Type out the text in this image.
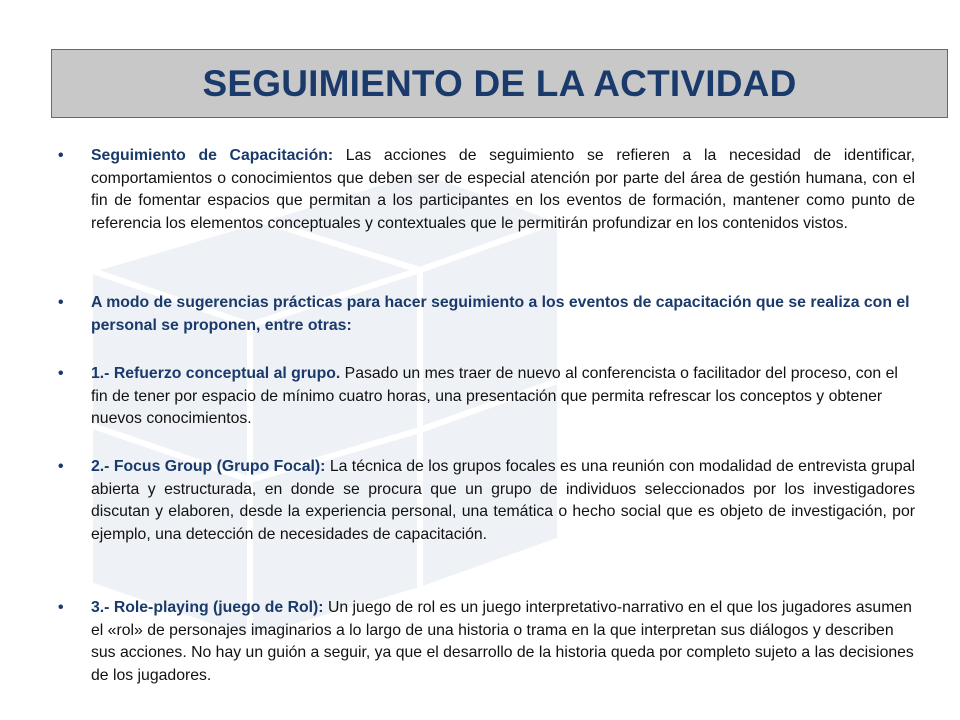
SEGUIMIENTO DE LA ACTIVIDAD
• Seguimiento de Capacitación: Las acciones de seguimiento se refieren a la necesidad de identificar, comportamientos o conocimientos que deben ser de especial atención por parte del área de gestión humana, con el fin de fomentar espacios que permitan a los participantes en los eventos de formación, mantener como punto de referencia los elementos conceptuales y contextuales que le permitirán profundizar en los contenidos vistos.
• A modo de sugerencias prácticas para hacer seguimiento a los eventos de capacitación que se realiza con el personal se proponen, entre otras:
• 1.- Refuerzo conceptual al grupo. Pasado un mes traer de nuevo al conferencista o facilitador del proceso, con el fin de tener por espacio de mínimo cuatro horas, una presentación que permita refrescar los conceptos y obtener nuevos conocimientos.
• 2.- Focus Group (Grupo Focal): La técnica de los grupos focales es una reunión con modalidad de entrevista grupal abierta y estructurada, en donde se procura que un grupo de individuos seleccionados por los investigadores discutan y elaboren, desde la experiencia personal, una temática o hecho social que es objeto de investigación, por ejemplo, una detección de necesidades de capacitación.
• 3.- Role-playing (juego de Rol): Un juego de rol es un juego interpretativo-narrativo en el que los jugadores asumen el «rol» de personajes imaginarios a lo largo de una historia o trama en la que interpretan sus diálogos y describen sus acciones. No hay un guión a seguir, ya que el desarrollo de la historia queda por completo sujeto a las decisiones de los jugadores.
